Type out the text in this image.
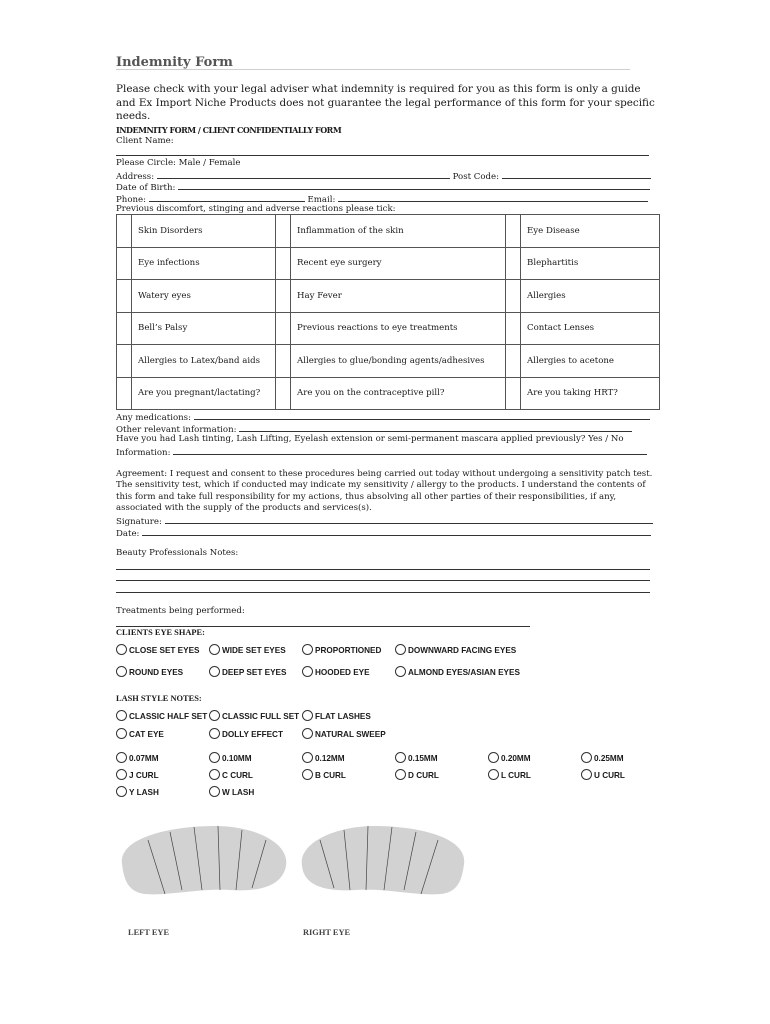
Indemnity Form
Please check with your legal adviser what indemnity is required for you as this form is only a guide and Ex Import Niche Products does not guarantee the legal performance of this form for your specific needs.
INDEMNITY FORM / CLIENT CONFIDENTIALLY FORM
Client Name:
Please Circle: Male / Female
Address:	Post Code:
Date of Birth:
Phone:	Email:
Previous discomfort, stinging and adverse reactions please tick:
	Skin Disorders		Inflammation of the skin		Eye Disease
	Eye infections		Recent eye surgery		Blephartitis
	Watery eyes		Hay Fever		Allergies
	Bell’s Palsy		Previous reactions to eye treatments		Contact Lenses
	Allergies to Latex/band aids		Allergies to glue/bonding agents/adhesives		Allergies to acetone
	Are you pregnant/lactating?		Are you on the contraceptive pill?		Are you taking HRT?
Any medications:
Other relevant information:
Have you had Lash tinting, Lash Lifting, Eyelash extension or semi-permanent mascara applied previously? Yes / No
Information:
Agreement: I request and consent to these procedures being carried out today without undergoing a sensitivity patch test. The sensitivity test, which if conducted may indicate my sensitivity / allergy to the products. I understand the contents of this form and take full responsibility for my actions, thus absolving all other parties of their responsibilities, if any, associated with the supply of the products and services(s).
Signature:
Date:
Beauty Professionals Notes:
Treatments being performed:
CLIENTS EYE SHAPE:
CLOSE SET EYES	WIDE SET EYES	PROPORTIONED	DOWNWARD FACING EYES
ROUND EYES	DEEP SET EYES	HOODED EYE	ALMOND EYES/ASIAN EYES
LASH STYLE NOTES:
CLASSIC HALF SET	CLASSIC FULL SET	FLAT LASHES
CAT EYE	DOLLY EFFECT	NATURAL SWEEP
0.07MM	0.10MM	0.12MM	0.15MM	0.20MM	0.25MM
J CURL	C CURL	B CURL	D CURL	L CURL	U CURL
Y LASH	W LASH
LEFT EYE	RIGHT EYE
